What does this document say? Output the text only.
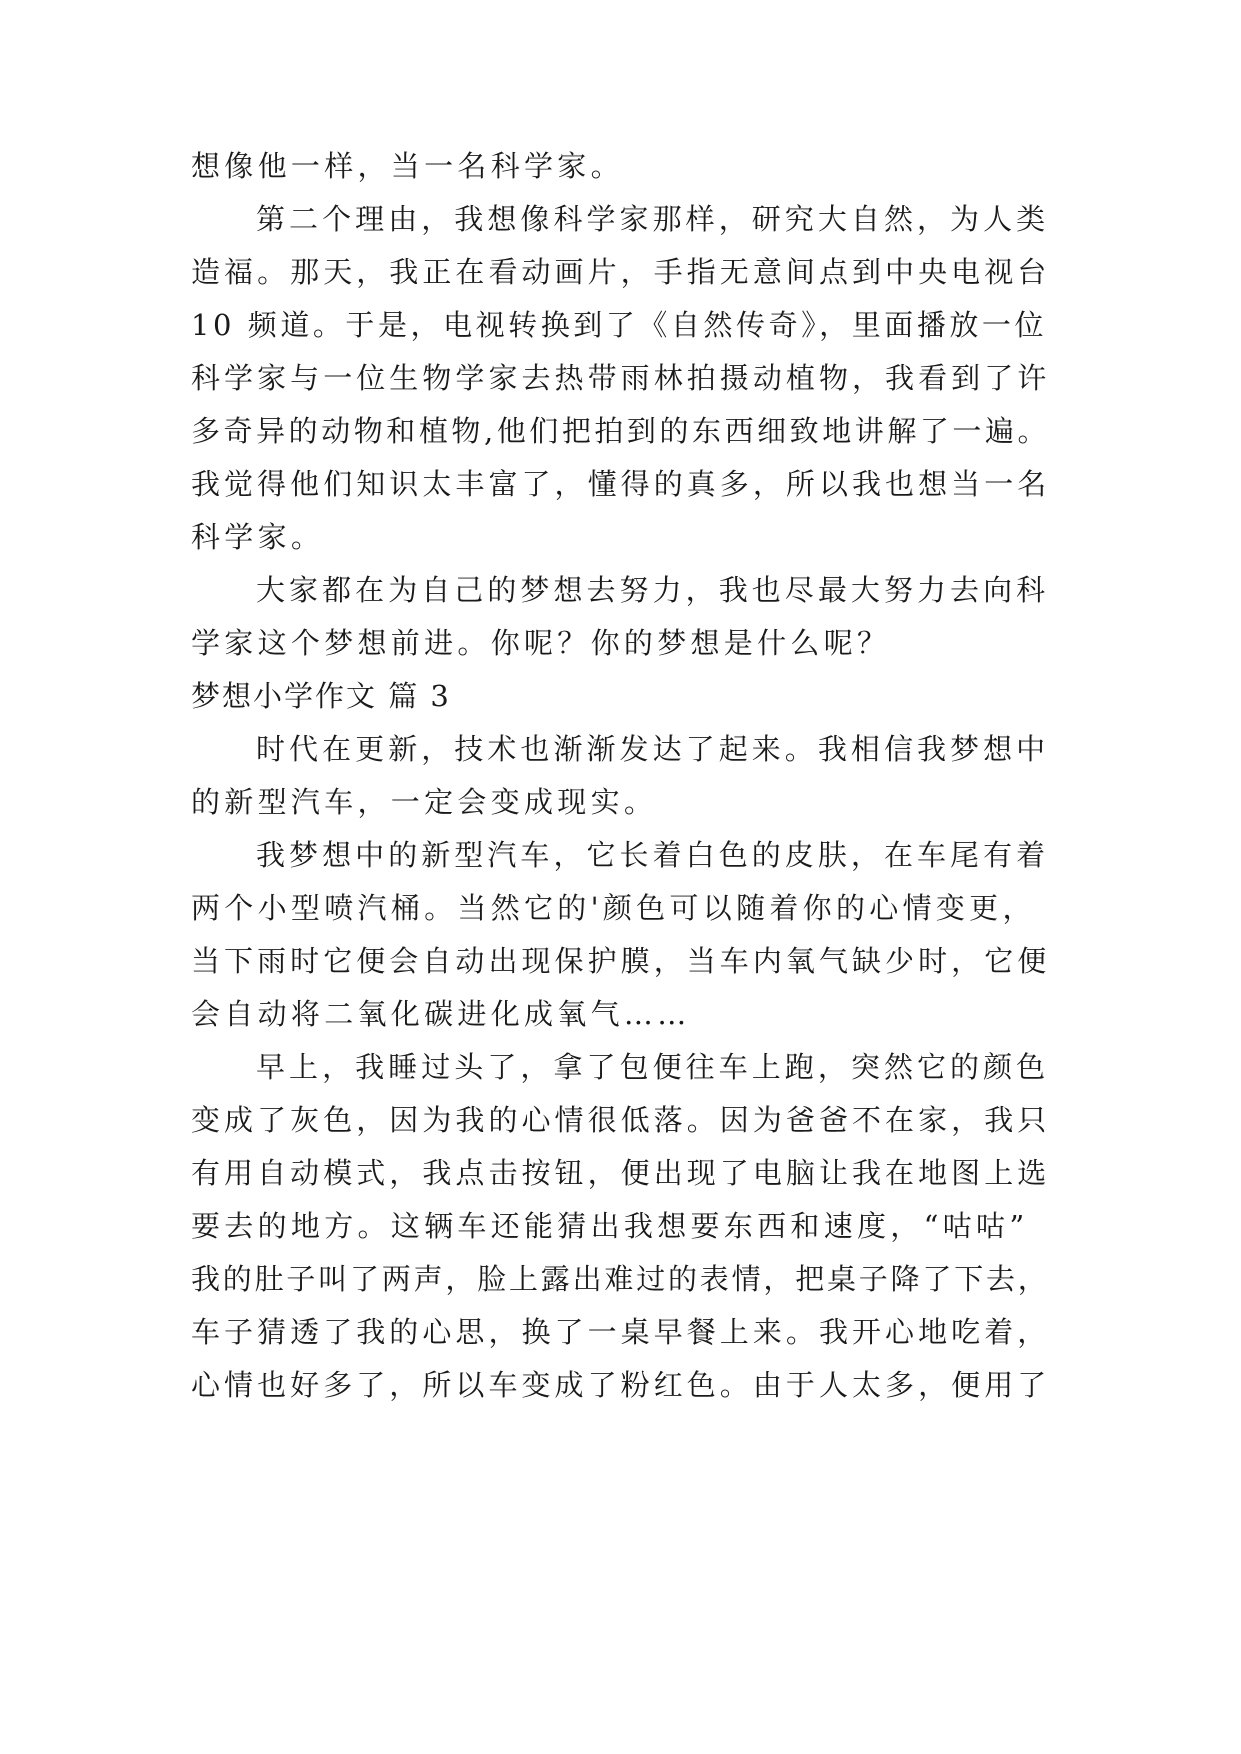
想像他一样，当一名科学家。
第二个理由，我想像科学家那样，研究大自然，为人类
造福。那天，我正在看动画片，手指无意间点到中央电视台
10 频道。于是，电视转换到了《自然传奇》，里面播放一位
科学家与一位生物学家去热带雨林拍摄动植物，我看到了许
多奇异的动物和植物,他们把拍到的东西细致地讲解了一遍。
我觉得他们知识太丰富了，懂得的真多，所以我也想当一名
科学家。
大家都在为自己的梦想去努力，我也尽最大努力去向科
学家这个梦想前进。你呢？你的梦想是什么呢？
梦想小学作文 篇 3
时代在更新，技术也渐渐发达了起来。我相信我梦想中
的新型汽车，一定会变成现实。
我梦想中的新型汽车，它长着白色的皮肤，在车尾有着
两个小型喷汽桶。当然它的'颜色可以随着你的心情变更，
当下雨时它便会自动出现保护膜，当车内氧气缺少时，它便
会自动将二氧化碳进化成氧气……
早上，我睡过头了，拿了包便往车上跑，突然它的颜色
变成了灰色，因为我的心情很低落。因为爸爸不在家，我只
有用自动模式，我点击按钮，便出现了电脑让我在地图上选
要去的地方。这辆车还能猜出我想要东西和速度，“咕咕”
我的肚子叫了两声，脸上露出难过的表情，把桌子降了下去，
车子猜透了我的心思，换了一桌早餐上来。我开心地吃着，
心情也好多了，所以车变成了粉红色。由于人太多，便用了
